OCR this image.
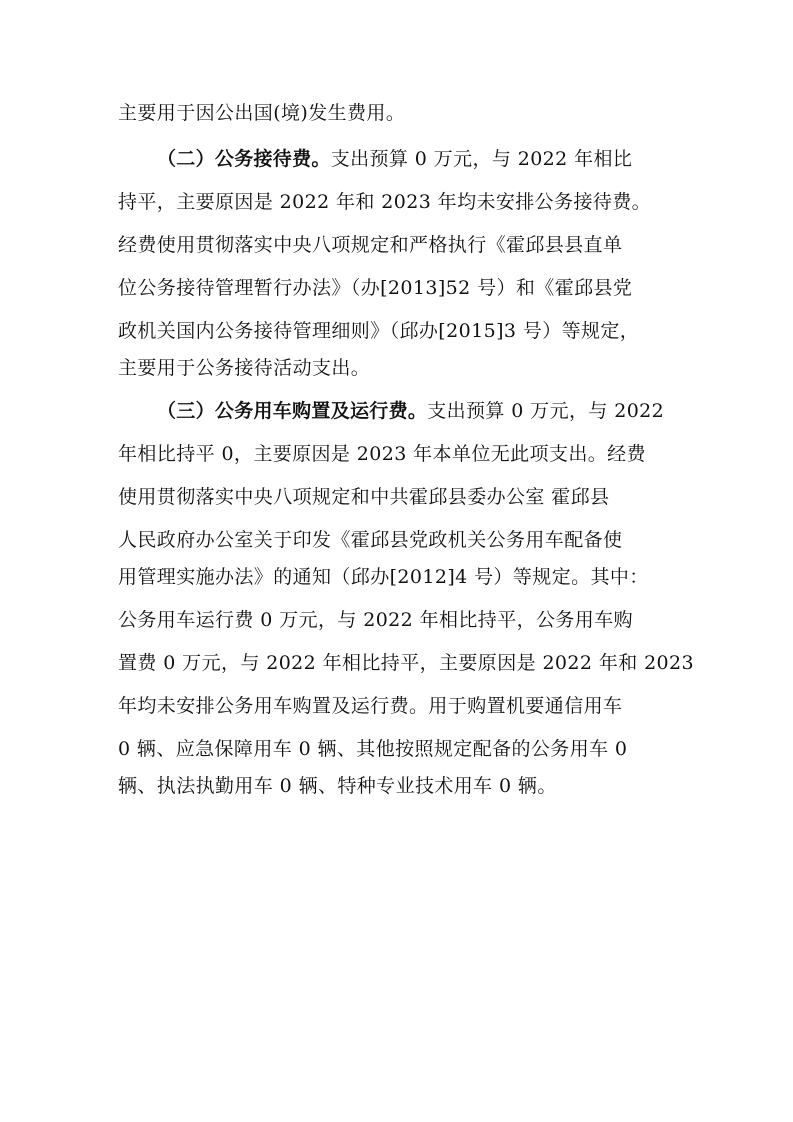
主要用于因公出国(境)发生费用。
（二）公务接待费。支出预算 0 万元，与 2022 年相比
持平，主要原因是 2022 年和 2023 年均未安排公务接待费。
经费使用贯彻落实中央八项规定和严格执行《霍邱县县直单
位公务接待管理暂行办法》（办[2013]52 号）和《霍邱县党
政机关国内公务接待管理细则》（邱办[2015]3 号）等规定，
主要用于公务接待活动支出。
（三）公务用车购置及运行费。支出预算 0 万元，与 2022
年相比持平 0，主要原因是 2023 年本单位无此项支出。经费
使用贯彻落实中央八项规定和中共霍邱县委办公室 霍邱县
人民政府办公室关于印发《霍邱县党政机关公务用车配备使
用管理实施办法》的通知（邱办[2012]4 号）等规定。其中：
公务用车运行费 0 万元，与 2022 年相比持平，公务用车购
置费 0 万元，与 2022 年相比持平，主要原因是 2022 年和 2023
年均未安排公务用车购置及运行费。用于购置机要通信用车
0 辆、应急保障用车 0 辆、其他按照规定配备的公务用车 0
辆、执法执勤用车 0 辆、特种专业技术用车 0 辆。
